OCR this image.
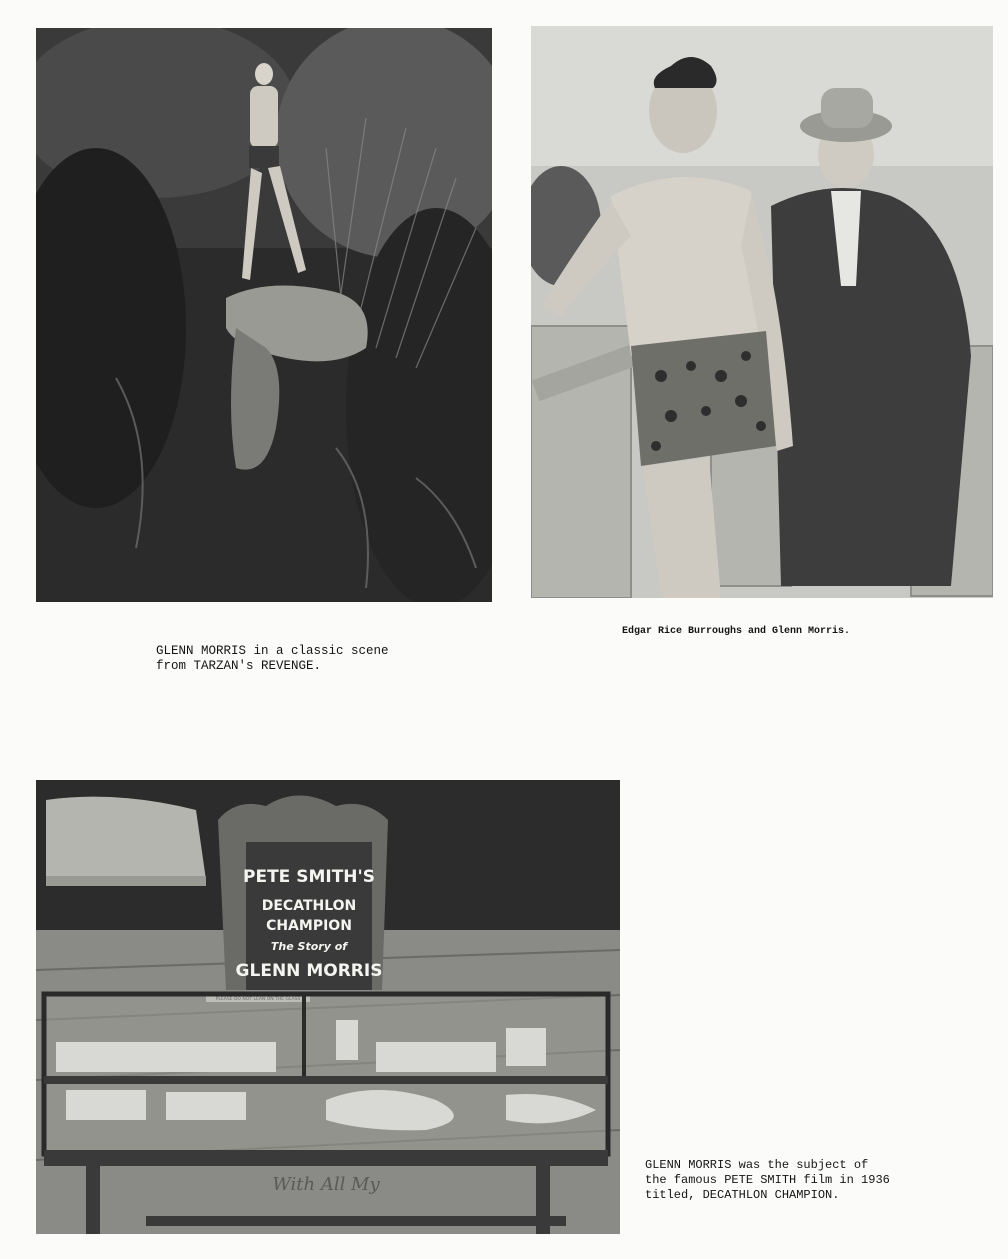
GLENN MORRIS in a classic scene
from TARZAN's REVENGE.
Edgar Rice Burroughs and Glenn Morris.
PETE SMITH'S
DECATHLON
CHAMPION
The Story of
GLENN MORRIS
With All My
GLENN MORRIS was the subject of
the famous PETE SMITH film in 1936
titled, DECATHLON CHAMPION.
